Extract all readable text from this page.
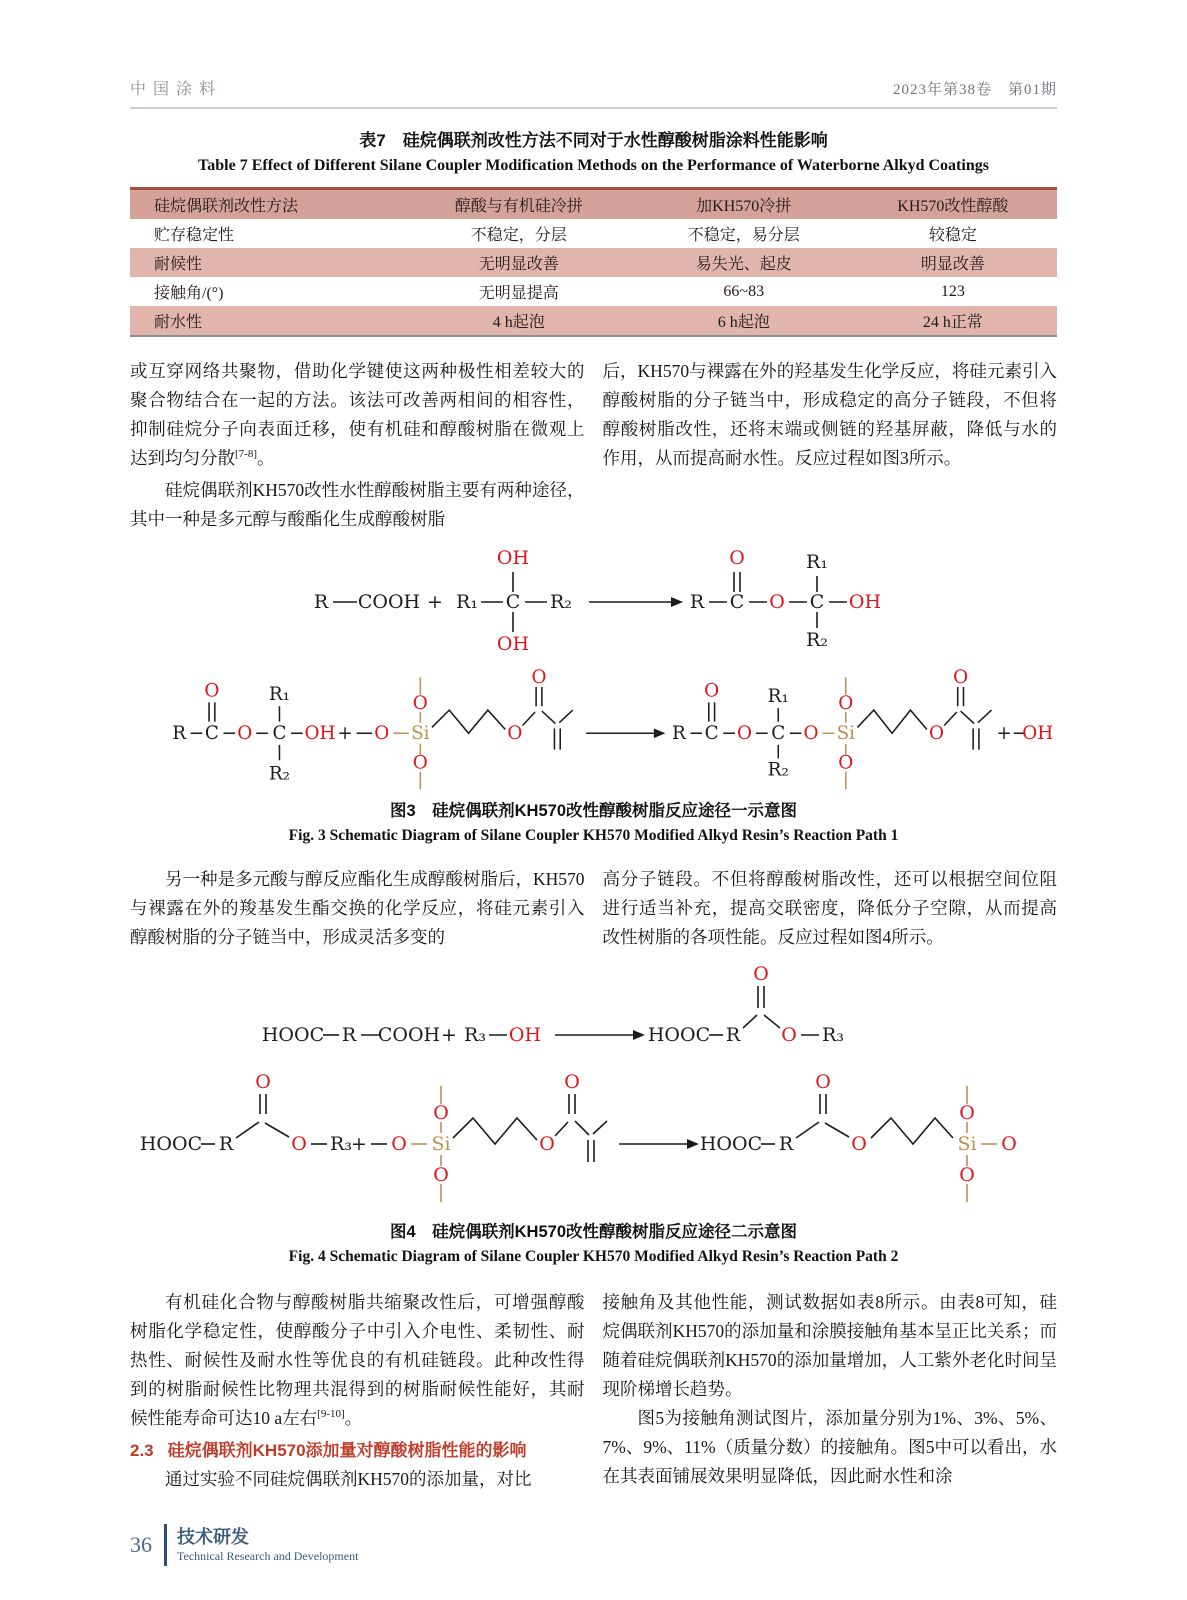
中国涂料	2023年第38卷　第01期
表7　硅烷偶联剂改性方法不同对于水性醇酸树脂涂料性能影响
Table 7 Effect of Different Silane Coupler Modification Methods on the Performance of Waterborne Alkyd Coatings
硅烷偶联剂改性方法	醇酸与有机硅冷拼	加KH570冷拼	KH570改性醇酸
贮存稳定性	不稳定，分层	不稳定，易分层	较稳定
耐候性	无明显改善	易失光、起皮	明显改善
接触角/(°)	无明显提高	66~83	123
耐水性	4 h起泡	6 h起泡	24 h正常
或互穿网络共聚物，借助化学键使这两种极性相差较大的聚合物结合在一起的方法。该法可改善两相间的相容性，抑制硅烷分子向表面迁移，使有机硅和醇酸树脂在微观上达到均匀分散[7-8]。
硅烷偶联剂KH570改性水性醇酸树脂主要有两种途径，其中一种是多元醇与酸酯化生成醇酸树脂
后，KH570与裸露在外的羟基发生化学反应，将硅元素引入醇酸树脂的分子链当中，形成稳定的高分子链段，不但将醇酸树脂改性，还将末端或侧链的羟基屏蔽，降低与水的作用，从而提高耐水性。反应过程如图3所示。
R COOH + R₁ C R₂
OH
OH
R C
O
O C
R₁
R₂
OH
R C
O
O C
R₁
R₂
OH + O Si
O
O
O
O
R C
O
O C
R₁
R₂
O Si
O
O
O
O
+ OH
图3　硅烷偶联剂KH570改性醇酸树脂反应途径一示意图
Fig. 3 Schematic Diagram of Silane Coupler KH570 Modified Alkyd Resin’s Reaction Path 1
另一种是多元酸与醇反应酯化生成醇酸树脂后，KH570与裸露在外的羧基发生酯交换的化学反应，将硅元素引入醇酸树脂的分子链当中，形成灵活多变的
高分子链段。不但将醇酸树脂改性，还可以根据空间位阻进行适当补充，提高交联密度，降低分子空隙，从而提高改性树脂的各项性能。反应过程如图4所示。
HOOC R COOH + R₃ OH	HOOC R
O
O R₃
HOOC R
O
O R₃ + O Si
O
O
O
O
HOOC R
O
O	Si
O
O
O
图4　硅烷偶联剂KH570改性醇酸树脂反应途径二示意图
Fig. 4 Schematic Diagram of Silane Coupler KH570 Modified Alkyd Resin’s Reaction Path 2
有机硅化合物与醇酸树脂共缩聚改性后，可增强醇酸树脂化学稳定性，使醇酸分子中引入介电性、柔韧性、耐热性、耐候性及耐水性等优良的有机硅链段。此种改性得到的树脂耐候性比物理共混得到的树脂耐候性能好，其耐候性能寿命可达10 a左右[9-10]。
2.3 硅烷偶联剂KH570添加量对醇酸树脂性能的影响
通过实验不同硅烷偶联剂KH570的添加量，对比
接触角及其他性能，测试数据如表8所示。由表8可知，硅烷偶联剂KH570的添加量和涂膜接触角基本呈正比关系；而随着硅烷偶联剂KH570的添加量增加，人工紫外老化时间呈现阶梯增长趋势。
图5为接触角测试图片，添加量分别为1%、3%、5%、7%、9%、11%（质量分数）的接触角。图5中可以看出，水在其表面铺展效果明显降低，因此耐水性和涂
36 技术研发
Technical Research and Development
